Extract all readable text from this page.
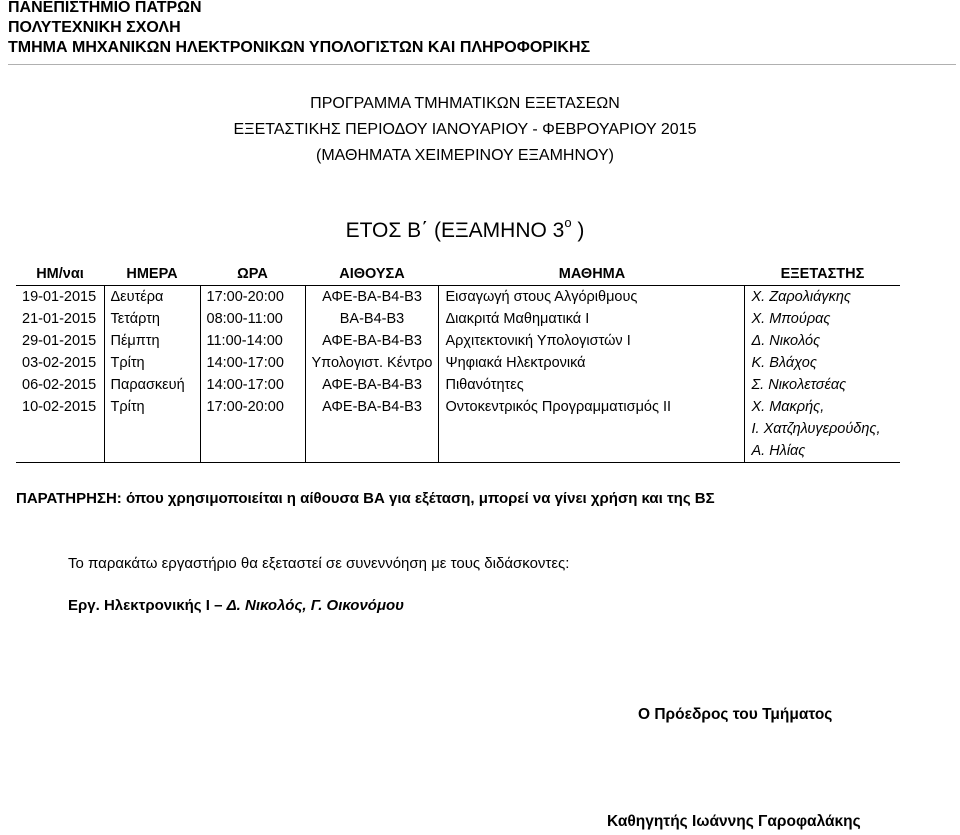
ΠΑΝΕΠΙΣΤΗΜΙΟ ΠΑΤΡΩΝ
ΠΟΛΥΤΕΧΝΙΚΗ ΣΧΟΛΗ
ΤΜΗΜΑ ΜΗΧΑΝΙΚΩΝ ΗΛΕΚΤΡΟΝΙΚΩΝ ΥΠΟΛΟΓΙΣΤΩΝ ΚΑΙ ΠΛΗΡΟΦΟΡΙΚΗΣ
ΠΡΟΓΡΑΜΜΑ ΤΜΗΜΑΤΙΚΩΝ ΕΞΕΤΑΣΕΩΝ
ΕΞΕΤΑΣΤΙΚΗΣ ΠΕΡΙΟΔΟΥ ΙΑΝΟΥΑΡΙΟΥ - ΦΕΒΡΟΥΑΡΙΟΥ 2015
(ΜΑΘΗΜΑΤΑ ΧΕΙΜΕΡΙΝΟΥ ΕΞΑΜΗΝΟΥ)
ΕΤΟΣ Β΄ (ΕΞΑΜΗΝΟ $3^o$ )
ΗΜ/ναι	ΗΜΕΡΑ	ΩΡΑ	ΑΙΘΟΥΣΑ	ΜΑΘΗΜΑ	ΕΞΕΤΑΣΤΗΣ
19-01-2015	Δευτέρα	17:00-20:00	ΑΦΕ-ΒΑ-Β4-Β3	Εισαγωγή στους Αλγόριθμους	Χ. Ζαρολιάγκης
21-01-2015	Τετάρτη	08:00-11:00	ΒΑ-Β4-Β3	Διακριτά Μαθηματικά Ι	Χ. Μπούρας
29-01-2015	Πέμπτη	11:00-14:00	ΑΦΕ-ΒΑ-Β4-Β3	Αρχιτεκτονική Υπολογιστών Ι	Δ. Νικολός
03-02-2015	Τρίτη	14:00-17:00	Υπολογιστ. Κέντρο	Ψηφιακά Ηλεκτρονικά	Κ. Βλάχος
06-02-2015	Παρασκευή	14:00-17:00	ΑΦΕ-ΒΑ-Β4-Β3	Πιθανότητες	Σ. Νικολετσέας
10-02-2015	Τρίτη	17:00-20:00	ΑΦΕ-ΒΑ-Β4-Β3	Οντοκεντρικός Προγραμματισμός ΙΙ	Χ. Μακρής,
Ι. Χατζηλυγερούδης,
Α. Ηλίας
ΠΑΡΑΤΗΡΗΣΗ: όπου χρησιμοποιείται η αίθουσα ΒΑ για εξέταση, μπορεί να γίνει χρήση και της ΒΣ
Το παρακάτω εργαστήριο θα εξεταστεί σε συνεννόηση με τους διδάσκοντες:
Εργ. Ηλεκτρονικής Ι – Δ. Νικολός, Γ. Οικονόμου
Ο Πρόεδρος του Τμήματος
Καθηγητής Ιωάννης Γαροφαλάκης
